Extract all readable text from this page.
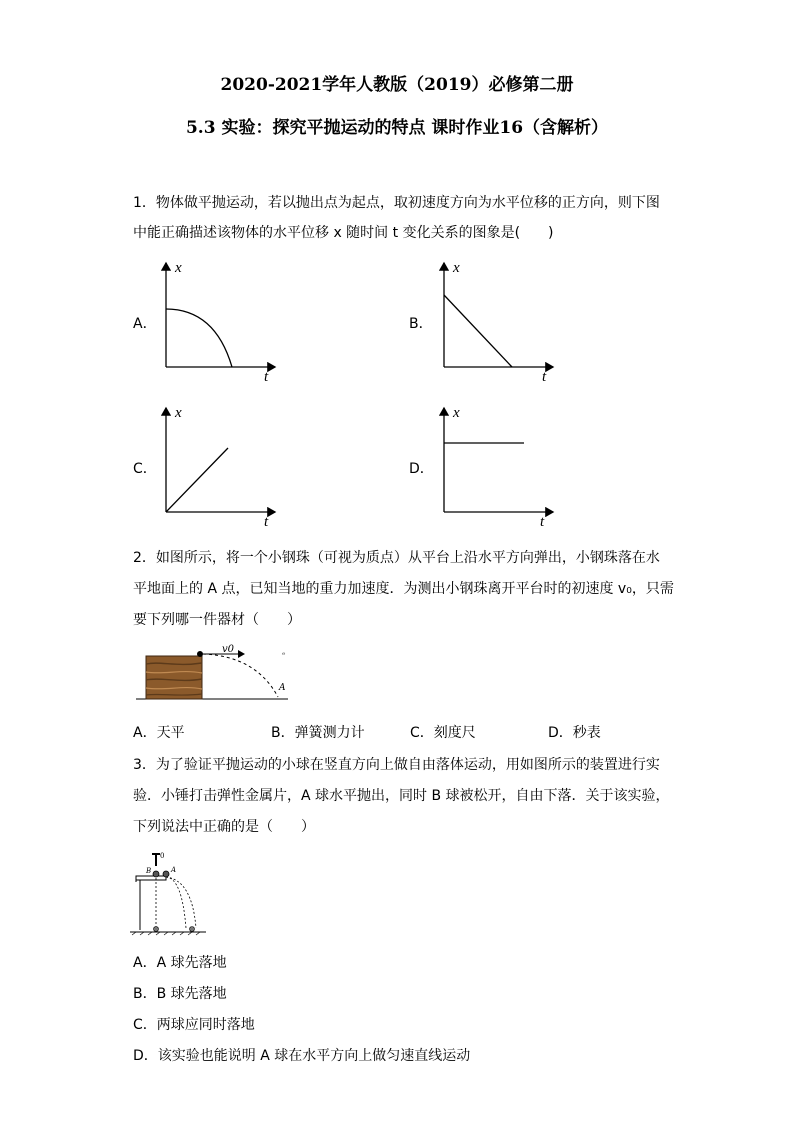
2020-2021学年人教版（2019）必修第二册
5.3 实验：探究平抛运动的特点 课时作业16（含解析）
1．物体做平抛运动，若以抛出点为起点，取初速度方向为水平位移的正方向，则下图
中能正确描述该物体的水平位移 x 随时间 t 变化关系的图象是(　　)
A．
x
t
B．
x
t
C．
x
t
D．
x
t
2．如图所示，将一个小钢珠（可视为质点）从平台上沿水平方向弹出，小钢珠落在水
平地面上的 A 点，已知当地的重力加速度．为测出小钢珠离开平台时的初速度 v₀，只需
要下列哪一件器材（　　）
v0
A
ᵉ
A．天平	B．弹簧测力计	C．刻度尺	D．秒表
3．为了验证平抛运动的小球在竖直方向上做自由落体运动，用如图所示的装置进行实
验．小锤打击弹性金属片，A 球水平抛出，同时 B 球被松开，自由下落．关于该实验，
下列说法中正确的是（　　）
0
B	A
A．A 球先落地
B．B 球先落地
C．两球应同时落地
D．该实验也能说明 A 球在水平方向上做匀速直线运动
